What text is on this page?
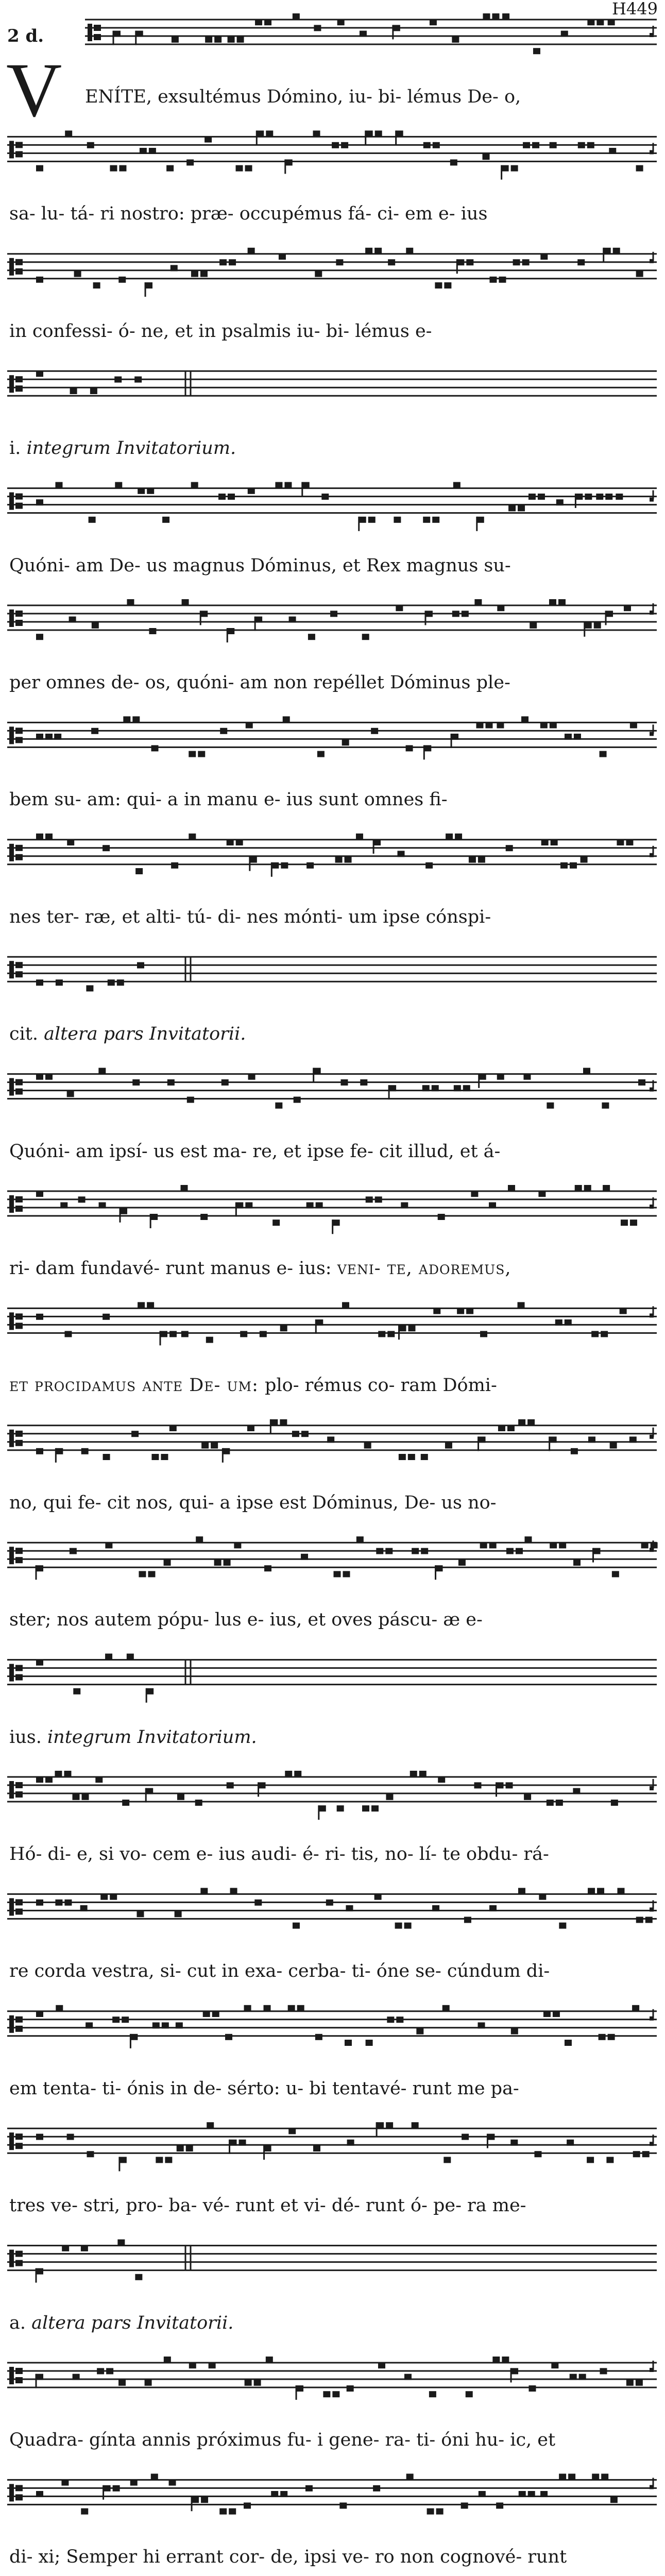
H449
2 d.
V ENÍTE, exsultémus Dómino, iu- bi- lémus De- o,
sa- lu- tá- ri nostro: præ- occupémus fá- ci- em e- ius
in confessi- ó- ne, et in psalmis iu- bi- lémus e-
i. integrum Invitatorium.
Quóni- am De- us magnus Dóminus, et Rex magnus su-
per omnes de- os, quóni- am non repéllet Dóminus ple-
bem su- am: qui- a in manu e- ius sunt omnes fi-
nes ter- ræ, et alti- tú- di- nes mónti- um ipse cónspi-
cit. altera pars Invitatorii.
Quóni- am ipsí- us est ma- re, et ipse fe- cit illud, et á-
ri- dam fundavé- runt manus e- ius: veni- te, adoremus,
et procidamus ante De- um: plo- rémus co- ram Dómi-
no, qui fe- cit nos, qui- a ipse est Dóminus, De- us no-
ster; nos autem pópu- lus e- ius, et oves páscu- æ e-
ius. integrum Invitatorium.
Hó- di- e, si vo- cem e- ius audi- é- ri- tis, no- lí- te obdu- rá-
re corda vestra, si- cut in exa- cerba- ti- óne se- cúndum di-
em tenta- ti- ónis in de- sérto: u- bi tentavé- runt me pa-
tres ve- stri, pro- ba- vé- runt et vi- dé- runt ó- pe- ra me-
a. altera pars Invitatorii.
Quadra- gínta annis próximus fu- i gene- ra- ti- óni hu- ic, et
di- xi; Semper hi errant cor- de, ipsi ve- ro non cognové- runt
